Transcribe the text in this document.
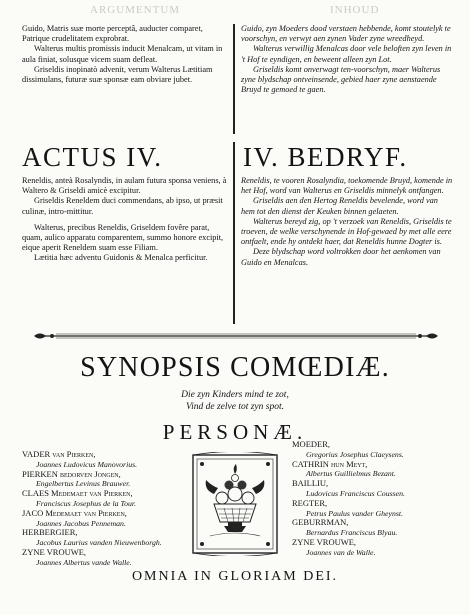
ARGUMENTUM	INHOUD

Guido, Matris suæ morte perceptâ, auducter comparet, Patrique crudelitatem exprobrat.

Walterus multis promissis inducit Menalcam, ut vitam in aula finiat, solusque vicem suam defleat.

Griseldis inopinatò advenit, verum Walterus Lætitiam dissimulans, futuræ suæ sponsæ eam obviare jubet.

ACTUS IV.	IV. BEDRYF.

Reneldis, anteà Rosalyndis, in aulam futura sponsa veniens, à Waltero & Griseldi amicè excipitur.

Griseldis Reneldem duci commendans, ab ipso, ut præsit culinæ, intro-mittitur.

Walterus, precibus Reneldis, Griseldem fovêre parat, quam, aulico apparatu comparentem, summo honore excipit, eique aperit Reneldem suam esse Filiam.

Lætitia hæc adventu Guidonis & Menalca perficitur.

Guido, zyn Moeders dood verstaen hebbende, komt stoutelyk te voorschyn, en verwyt aen zynen Vader zyne wreedheyd.

Walterus verwillig Menalcas door vele beloften zyn leven in 't Hof te eyndigen, en beweent alleen zyn Lot.

Griseldis komt onverwagt ten-voorschyn, maer Walterus zyne blydschap ontveinsende, gebied haer zyne aenstaende Bruyd te gemoed te gaen.

Reneldis, te vooren Rosalyndia, toekomende Bruyd, komende in het Hof, word van Walterus en Griseldis minnelyk ontfangen.

Griseldis aen den Hertog Reneldis bevelende, word van hem tot den dienst der Keuken binnen gelaeten.

Walterus bereyd zig, op 't verzoek van Reneldis, Griseldis te troeven, de welke verschynende in Hof-gewaed by met alle eere ontfaelt, ende hy ontdekt haer, dat Reneldis hunne Dogter is.

Deze blydschap word voltrokken door het aenkomen van Guido en Menalcas.

SYNOPSIS COMŒDIÆ.
Die zyn Kinders mind te zot,
Vind de zelve tot zyn spot.
PERSONÆ.
VADER van Pierken,
Joannes Ludovicus Manovorius.
PIERKEN bedorven Jongen,
Engelbertus Levinus Brauwer.
CLAES Medemaet van Pierken,
Franciscus Josephus de la Tour.
JACO Medemaet van Pierken,
Joannes Jacobus Penneman.
HERBERGIER,
Jacobus Laurius vanden Nieuwenborgh.
ZYNE VROUWE,
Joannes Albertus vande Walle.
MOEDER,
Gregorius Josephus Claeysens.
CATHRIN hun Meyt,
Albertus Guillielmus Bezant.
BAILLIU,
Ludovicus Franciscus Coussen.
REGTER,
Petrus Paulus vander Gheynst.
GEBURRMAN,
Bernardus Franciscus Blyau.
ZYNE VROUWE,
Joannes van de Walle.
OMNIA IN GLORIAM DEI.
